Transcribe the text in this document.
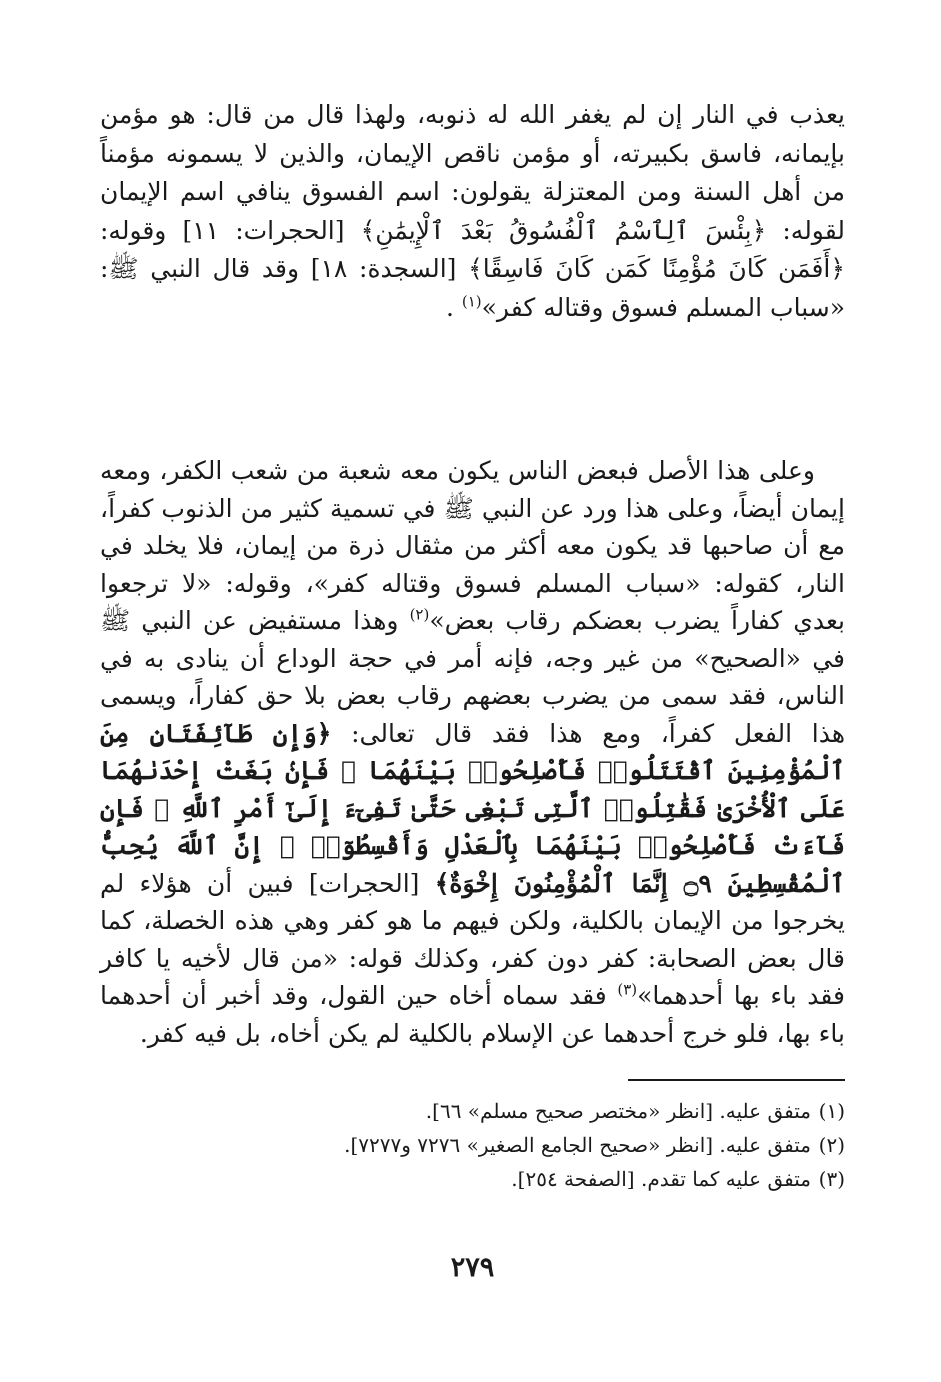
يعذب في النار إن لم يغفر الله له ذنوبه، ولهذا قال من قال: هو مؤمن بإيمانه، فاسق بكبيرته، أو مؤمن ناقص الإيمان، والذين لا يسمونه مؤمناً من أهل السنة ومن المعتزلة يقولون: اسم الفسوق ينافي اسم الإيمان لقوله: ﴿بِئْسَ ٱلِٱسْمُ ٱلْفُسُوقُ بَعْدَ ٱلْإِيمَٰنِ﴾ [الحجرات: ١١] وقوله: ﴿أَفَمَن كَانَ مُؤْمِنًا كَمَن كَانَ فَاسِقًا﴾ [السجدة: ١٨] وقد قال النبي ﷺ: «سباب المسلم فسوق وقتاله كفر»$^{(١)}$ .

وعلى هذا الأصل فبعض الناس يكون معه شعبة من شعب الكفر، ومعه إيمان أيضاً، وعلى هذا ورد عن النبي ﷺ في تسمية كثير من الذنوب كفراً، مع أن صاحبها قد يكون معه أكثر من مثقال ذرة من إيمان، فلا يخلد في النار، كقوله: «سباب المسلم فسوق وقتاله كفر»، وقوله: «لا ترجعوا بعدي كفاراً يضرب بعضكم رقاب بعض»$^{(٢)}$ وهذا مستفيض عن النبي ﷺ في «الصحيح» من غير وجه، فإنه أمر في حجة الوداع أن ينادى به في الناس، فقد سمى من يضرب بعضهم رقاب بعض بلا حق كفاراً، ويسمى هذا الفعل كفراً، ومع هذا فقد قال تعالى: ﴿وَإِن طَآئِفَتَانِ مِنَ ٱلْمُؤْمِنِينَ ٱقْتَتَلُوا۟ فَأَصْلِحُوا۟ بَيْنَهُمَا ۖ فَإِنۢ بَغَتْ إِحْدَىٰهُمَا عَلَى ٱلْأُخْرَىٰ فَقَٰتِلُوا۟ ٱلَّتِى تَبْغِى حَتَّىٰ تَفِىٓءَ إِلَىٰٓ أَمْرِ ٱللَّهِ ۚ فَإِن فَآءَتْ فَأَصْلِحُوا۟ بَيْنَهُمَا بِٱلْعَدْلِ وَأَقْسِطُوٓا۟ ۖ إِنَّ ٱللَّهَ يُحِبُّ ٱلْمُقْسِطِينَ ۝٩ إِنَّمَا ٱلْمُؤْمِنُونَ إِخْوَةٌ﴾ [الحجرات] فبين أن هؤلاء لم يخرجوا من الإيمان بالكلية، ولكن فيهم ما هو كفر وهي هذه الخصلة، كما قال بعض الصحابة: كفر دون كفر، وكذلك قوله: «من قال لأخيه يا كافر فقد باء بها أحدهما»$^{(٣)}$ فقد سماه أخاه حين القول، وقد أخبر أن أحدهما باء بها، فلو خرج أحدهما عن الإسلام بالكلية لم يكن أخاه، بل فيه كفر.

(١)متفق عليه. [انظر «مختصر صحيح مسلم» ٦٦].
(٢)متفق عليه. [انظر «صحيح الجامع الصغير» ٧٢٧٦ و٧٢٧٧].
(٣)متفق عليه كما تقدم. [الصفحة ٢٥٤].
٢٧٩
